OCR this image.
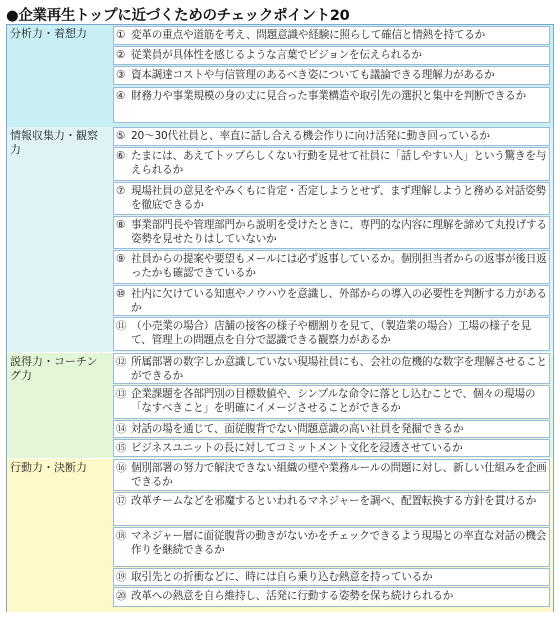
●企業再生トップに近づくためのチェックポイント20
分析力・着想力	① 変革の重点や道筋を考え、問題意識や経験に照らして確信と情熱を持てるか
② 従業員が具体性を感じるような言葉でビジョンを伝えられるか
③ 資本調達コストや与信管理のあるべき姿についても議論できる理解力があるか
④ 財務力や事業規模の身の丈に見合った事業構造や取引先の選択と集中を判断できるか
情報収集力・観察力
⑤ 20～30代社員と、率直に話し合える機会作りに向け活発に動き回っているか
⑥ たまには、あえてトップらしくない行動を見せて社員に「話しやすい人」という驚きを与えられるか
⑦ 現場社員の意見をやみくもに肯定・否定しようとせず、まず理解しようと務める対話姿勢を徹底できるか
⑧ 事業部門長や管理部門から説明を受けたときに、専門的な内容に理解を諦めて丸投げする姿勢を見せたりはしていないか
⑨ 社員からの提案や要望もメールには必ず返事しているか。個別担当者からの返事が後日返ったかも確認できているか
⑩ 社内に欠けている知恵やノウハウを意識し、外部からの導入の必要性を判断する力があるか
⑪ （小売業の場合）店舗の接客の様子や棚割りを見て、（製造業の場合）工場の様子を見て、管理上の問題点を自分で認識できる観察力があるか
説得力・コーチング力
⑫ 所属部署の数字しか意識していない現場社員にも、会社の危機的な数字を理解させることができるか
⑬ 企業課題を各部門別の目標数値や、シンプルな命令に落とし込むことで、個々の現場の「なすべきこと」を明確にイメージさせることができるか
⑭ 対話の場を通じて、面従腹背でない問題意識の高い社員を発掘できるか
⑮ ビジネスユニットの長に対してコミットメント文化を浸透させているか
行動力・決断力	⑯ 個別部署の努力で解決できない組織の壁や業務ルールの問題に対し、新しい仕組みを企画できるか
⑰ 改革チームなどを邪魔するといわれるマネジャーを調べ、配置転換する方針を貫けるか
⑱ マネジャー層に面従腹背の動きがないかをチェックできるよう現場との率直な対話の機会作りを継続できるか
⑲ 取引先との折衝などに、時には自ら乗り込む熱意を持っているか
⑳ 改革への熱意を自ら維持し、活発に行動する姿勢を保ち続けられるか
